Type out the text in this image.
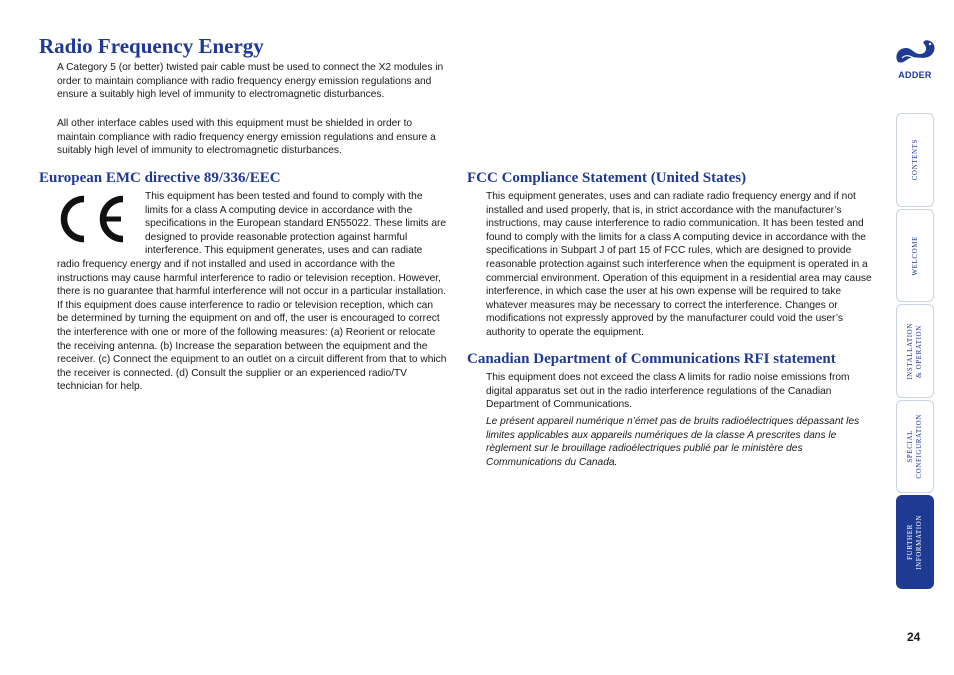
Radio Frequency Energy

A Category 5 (or better) twisted pair cable must be used to connect the X2 modules in order to maintain compliance with radio frequency energy emission regulations and ensure a suitably high level of immunity to electromagnetic disturbances.

All other interface cables used with this equipment must be shielded in order to maintain compliance with radio frequency energy emission regulations and ensure a suitably high level of immunity to electromagnetic disturbances.

European EMC directive 89/336/EEC
This equipment has been tested and found to comply with the limits for a class A computing device in accordance with the specifications in the European standard EN55022. These limits are designed to provide reasonable protection against harmful interference. This equipment generates, uses and can radiate radio frequency energy and if not installed and used in accordance with the instructions may cause harmful interference to radio or television reception. However, there is no guarantee that harmful interference will not occur in a particular installation. If this equipment does cause interference to radio or television reception, which can be determined by turning the equipment on and off, the user is encouraged to correct the interference with one or more of the following measures: (a) Reorient or relocate the receiving antenna. (b) Increase the separation between the equipment and the receiver. (c) Connect the equipment to an outlet on a circuit different from that to which the receiver is connected. (d) Consult the supplier or an experienced radio/TV technician for help.
FCC Compliance Statement (United States)

This equipment generates, uses and can radiate radio frequency energy and if not installed and used properly, that is, in strict accordance with the manufacturer’s instructions, may cause interference to radio communication. It has been tested and found to comply with the limits for a class A computing device in accordance with the specifications in Subpart J of part 15 of FCC rules, which are designed to provide reasonable protection against such interference when the equipment is operated in a commercial environment. Operation of this equipment in a residential area may cause interference, in which case the user at his own expense will be required to take whatever measures may be necessary to correct the interference. Changes or modifications not expressly approved by the manufacturer could void the user’s authority to operate the equipment.

Canadian Department of Communications RFI statement

This equipment does not exceed the class A limits for radio noise emissions from digital apparatus set out in the radio interference regulations of the Canadian Department of Communications.

Le présent appareil numérique n’émet pas de bruits radioélectriques dépassant les limites applicables aux appareils numériques de la classe A prescrites dans le règlement sur le brouillage radioélectriques publié par le ministère des Communications du Canada.

ADDER
CONTENTS
WELCOME
INSTALLATION
& OPERATION
SPECIAL
CONFIGURATION
FURTHER
INFORMATION
24
